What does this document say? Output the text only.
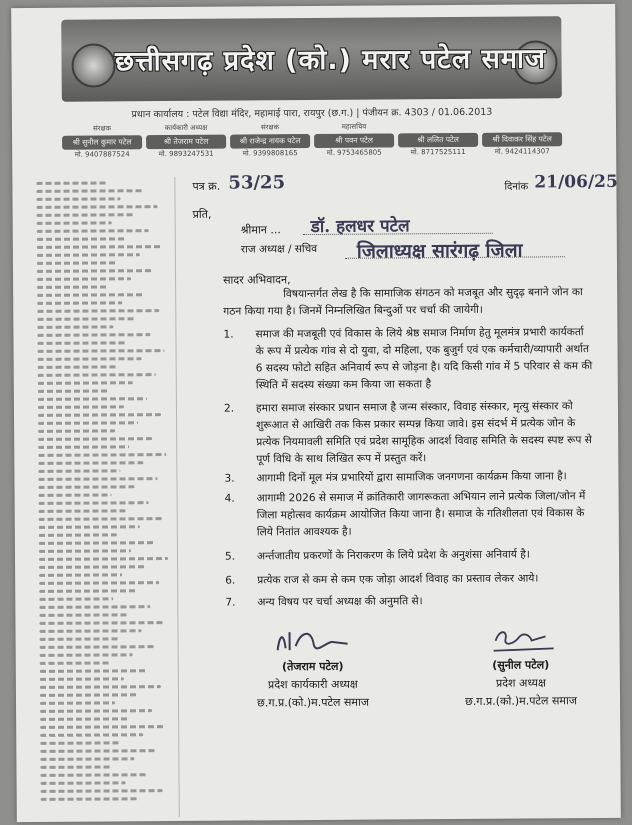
छत्तीसगढ़ प्रदेश (को.) मरार पटेल समाज
प्रधान कार्यालय : पटेल विद्या मंदिर, महामाई पारा, रायपुर (छ.ग.) | पंजीयन क्र. 4303 / 01.06.2013
संरक्षक
श्री सुनील कुमार पटेल
मो. 9407887524
कार्यकारी अध्यक्ष
श्री तेजराम पटेल
मो. 9893247531
संरक्षक
श्री राजेन्द्र नायक पटेल
मो. 9399808165
महासचिव
श्री पवन पटेल
मो. 9753465805
श्री ललित पटेल
मो. 8717525111
श्री दिवाकर सिंह पटेल
मो. 9424114307
पत्र क्र. 53/25	दिनांक 21/06/25
प्रति,
श्रीमान ... डॉ. हलधर पटेल
राज अध्यक्ष / सचिव जिलाध्यक्ष सारंगढ़ जिला
सादर अभिवादन,
विषयान्तर्गत लेख है कि सामाजिक संगठन को मजबूत और सुदृढ़ बनाने जोन का गठन किया गया है। जिनमें निम्नलिखित बिन्दुओं पर चर्चा की जायेगी।
1.	समाज की मजबूती एवं विकास के लिये श्रेष्ठ समाज निर्माण हेतु मूलमंत्र प्रभारी कार्यकर्ता के रूप में प्रत्येक गांव से दो युवा, दो महिला, एक बुजुर्ग एवं एक कर्मचारी/व्यापारी अर्थात 6 सदस्य फोटो सहित अनिवार्य रूप से जोड़ना है। यदि किसी गांव में 5 परिवार से कम की स्थिति में सदस्य संख्या कम किया जा सकता है
2.	हमारा समाज संस्कार प्रधान समाज है जन्म संस्कार, विवाह संस्कार, मृत्यु संस्कार को शुरूआत से आखिरी तक किस प्रकार सम्पन्न किया जावे। इस संदर्भ में प्रत्येक जोन के प्रत्येक नियमावली समिति एवं प्रदेश सामूहिक आदर्श विवाह समिति के सदस्य स्पष्ट रूप से पूर्ण विधि के साथ लिखित रूप में प्रस्तुत करें।
3.	आगामी दिनों मूल मंत्र प्रभारियों द्वारा सामाजिक जनगणना कार्यक्रम किया जाना है।
4.	आगामी 2026 से समाज में क्रांतिकारी जागरूकता अभियान लाने प्रत्येक जिला/जोन में जिला महोत्सव कार्यक्रम आयोजित किया जाना है। समाज के गतिशीलता एवं विकास के लिये नितांत आवश्यक है।
5.	अर्न्तजातीय प्रकरणों के निराकरण के लिये प्रदेश के अनुशंसा अनिवार्य है।
6.	प्रत्येक राज से कम से कम एक जोड़ा आदर्श विवाह का प्रस्ताव लेकर आये।
7.	अन्य विषय पर चर्चा अध्यक्ष की अनुमति से।
(तेजराम पटेल)
प्रदेश कार्यकारी अध्यक्ष
छ.ग.प्र.(को.)म.पटेल समाज
(सुनील पटेल)
प्रदेश अध्यक्ष
छ.ग.प्र.(को.)म.पटेल समाज
